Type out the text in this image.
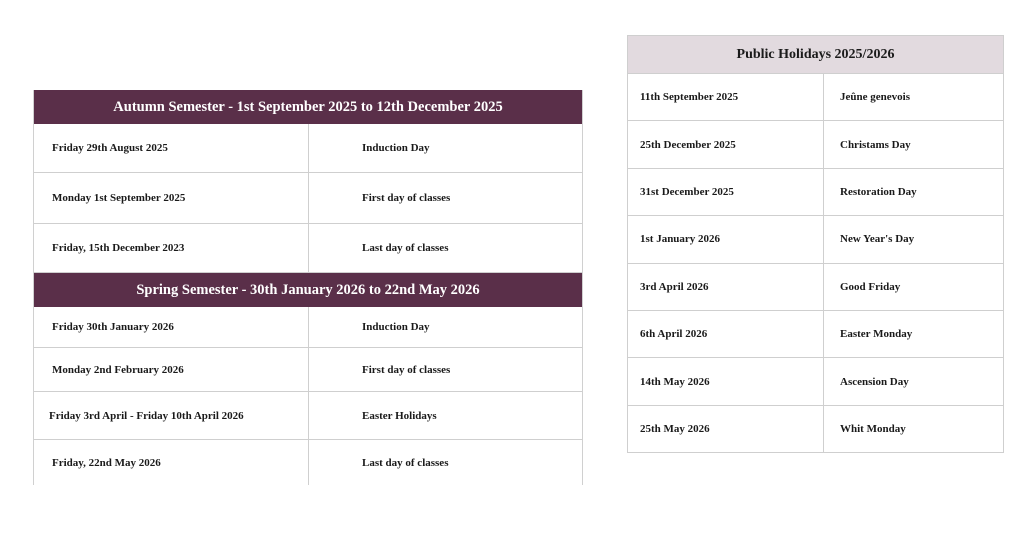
Autumn Semester - 1st September 2025 to 12th December 2025
Friday 29th August 2025	Induction Day
Monday 1st September 2025	First day of classes
Friday, 15th December 2023	Last day of classes
Spring Semester - 30th January 2026 to 22nd May 2026
Friday 30th January 2026	Induction Day
Monday 2nd February 2026	First day of classes
Friday 3rd April - Friday 10th April 2026	Easter Holidays
Friday, 22nd May 2026	Last day of classes
Public Holidays 2025/2026
11th September 2025	Jeûne genevois
25th December 2025	Christams Day
31st December 2025	Restoration Day
1st January 2026	New Year's Day
3rd April 2026	Good Friday
6th April 2026	Easter Monday
14th May 2026	Ascension Day
25th May 2026	Whit Monday
